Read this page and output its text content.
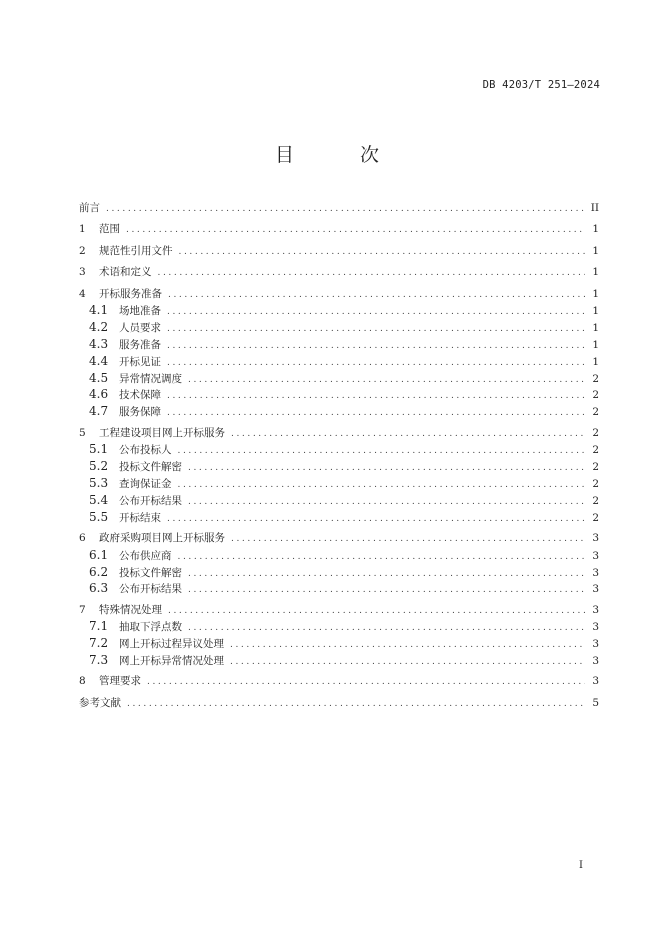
DB 4203/T 251—2024
目 次
前言 .....	II
1	范围 .....	1
2	规范性引用文件 .....	1
3	术语和定义 .....	1
4	开标服务准备 .....	1
4.1	场地准备 .....	1
4.2	人员要求 .....	1
4.3	服务准备 .....	1
4.4	开标见证 .....	1
4.5	异常情况调度 .....	2
4.6	技术保障 .....	2
4.7	服务保障 .....	2
5	工程建设项目网上开标服务 .....	2
5.1	公布投标人 .....	2
5.2	投标文件解密 .....	2
5.3	查询保证金 .....	2
5.4	公布开标结果 .....	2
5.5	开标结束 .....	2
6	政府采购项目网上开标服务 .....	3
6.1	公布供应商 .....	3
6.2	投标文件解密 .....	3
6.3	公布开标结果 .....	3
7	特殊情况处理 .....	3
7.1	抽取下浮点数 .....	3
7.2	网上开标过程异议处理 .....	3
7.3	网上开标异常情况处理 .....	3
8	管理要求 .....	3
参考文献 .....	5
I
